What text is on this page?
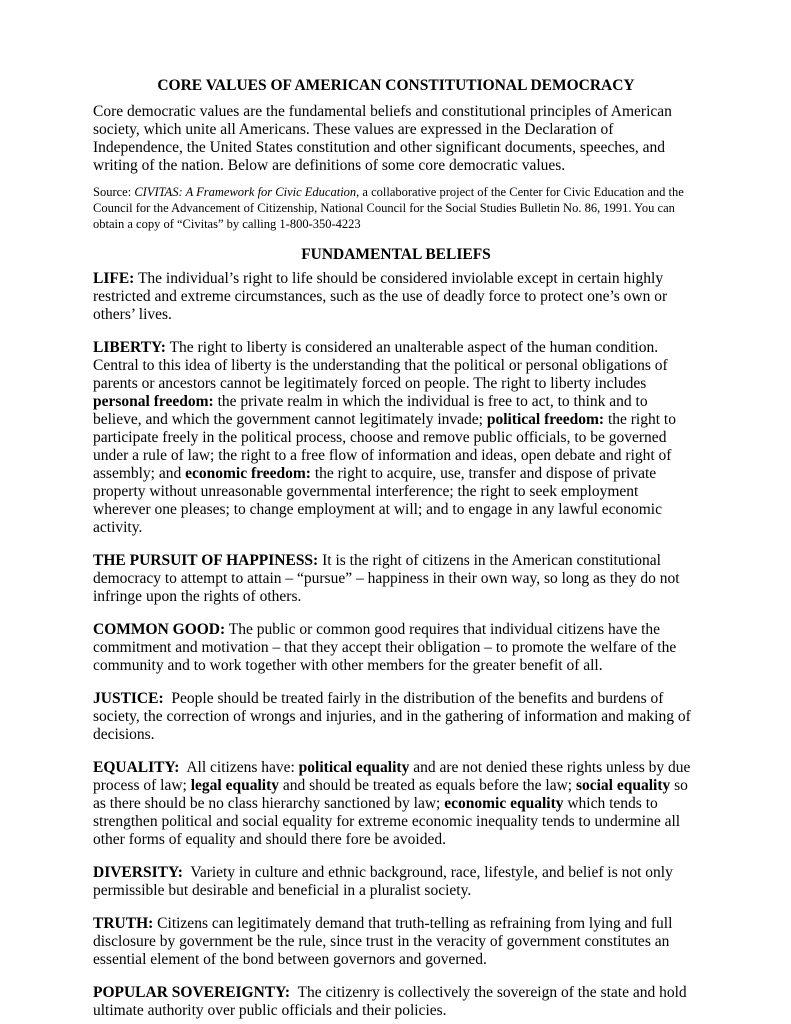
CORE VALUES OF AMERICAN CONSTITUTIONAL DEMOCRACY

Core democratic values are the fundamental beliefs and constitutional principles of American society, which unite all Americans. These values are expressed in the Declaration of Independence, the United States constitution and other significant documents, speeches, and writing of the nation. Below are definitions of some core democratic values.

Source: CIVITAS: A Framework for Civic Education, a collaborative project of the Center for Civic Education and the Council for the Advancement of Citizenship, National Council for the Social Studies Bulletin No. 86, 1991. You can obtain a copy of “Civitas” by calling 1-800-350-4223

FUNDAMENTAL BELIEFS

LIFE: The individual’s right to life should be considered inviolable except in certain highly restricted and extreme circumstances, such as the use of deadly force to protect one’s own or others’ lives.

LIBERTY: The right to liberty is considered an unalterable aspect of the human condition. Central to this idea of liberty is the understanding that the political or personal obligations of parents or ancestors cannot be legitimately forced on people. The right to liberty includes personal freedom: the private realm in which the individual is free to act, to think and to believe, and which the government cannot legitimately invade; political freedom: the right to participate freely in the political process, choose and remove public officials, to be governed under a rule of law; the right to a free flow of information and ideas, open debate and right of assembly; and economic freedom: the right to acquire, use, transfer and dispose of private property without unreasonable governmental interference; the right to seek employment wherever one pleases; to change employment at will; and to engage in any lawful economic activity.

THE PURSUIT OF HAPPINESS: It is the right of citizens in the American constitutional democracy to attempt to attain – “pursue” – happiness in their own way, so long as they do not infringe upon the rights of others.

COMMON GOOD: The public or common good requires that individual citizens have the commitment and motivation – that they accept their obligation – to promote the welfare of the community and to work together with other members for the greater benefit of all.

JUSTICE:  People should be treated fairly in the distribution of the benefits and burdens of society, the correction of wrongs and injuries, and in the gathering of information and making of decisions.

EQUALITY:  All citizens have: political equality and are not denied these rights unless by due process of law; legal equality and should be treated as equals before the law; social equality so as there should be no class hierarchy sanctioned by law; economic equality which tends to strengthen political and social equality for extreme economic inequality tends to undermine all other forms of equality and should there fore be avoided.

DIVERSITY:  Variety in culture and ethnic background, race, lifestyle, and belief is not only permissible but desirable and beneficial in a pluralist society.

TRUTH: Citizens can legitimately demand that truth-telling as refraining from lying and full disclosure by government be the rule, since trust in the veracity of government constitutes an essential element of the bond between governors and governed.

POPULAR SOVEREIGNTY:  The citizenry is collectively the sovereign of the state and hold ultimate authority over public officials and their policies.
